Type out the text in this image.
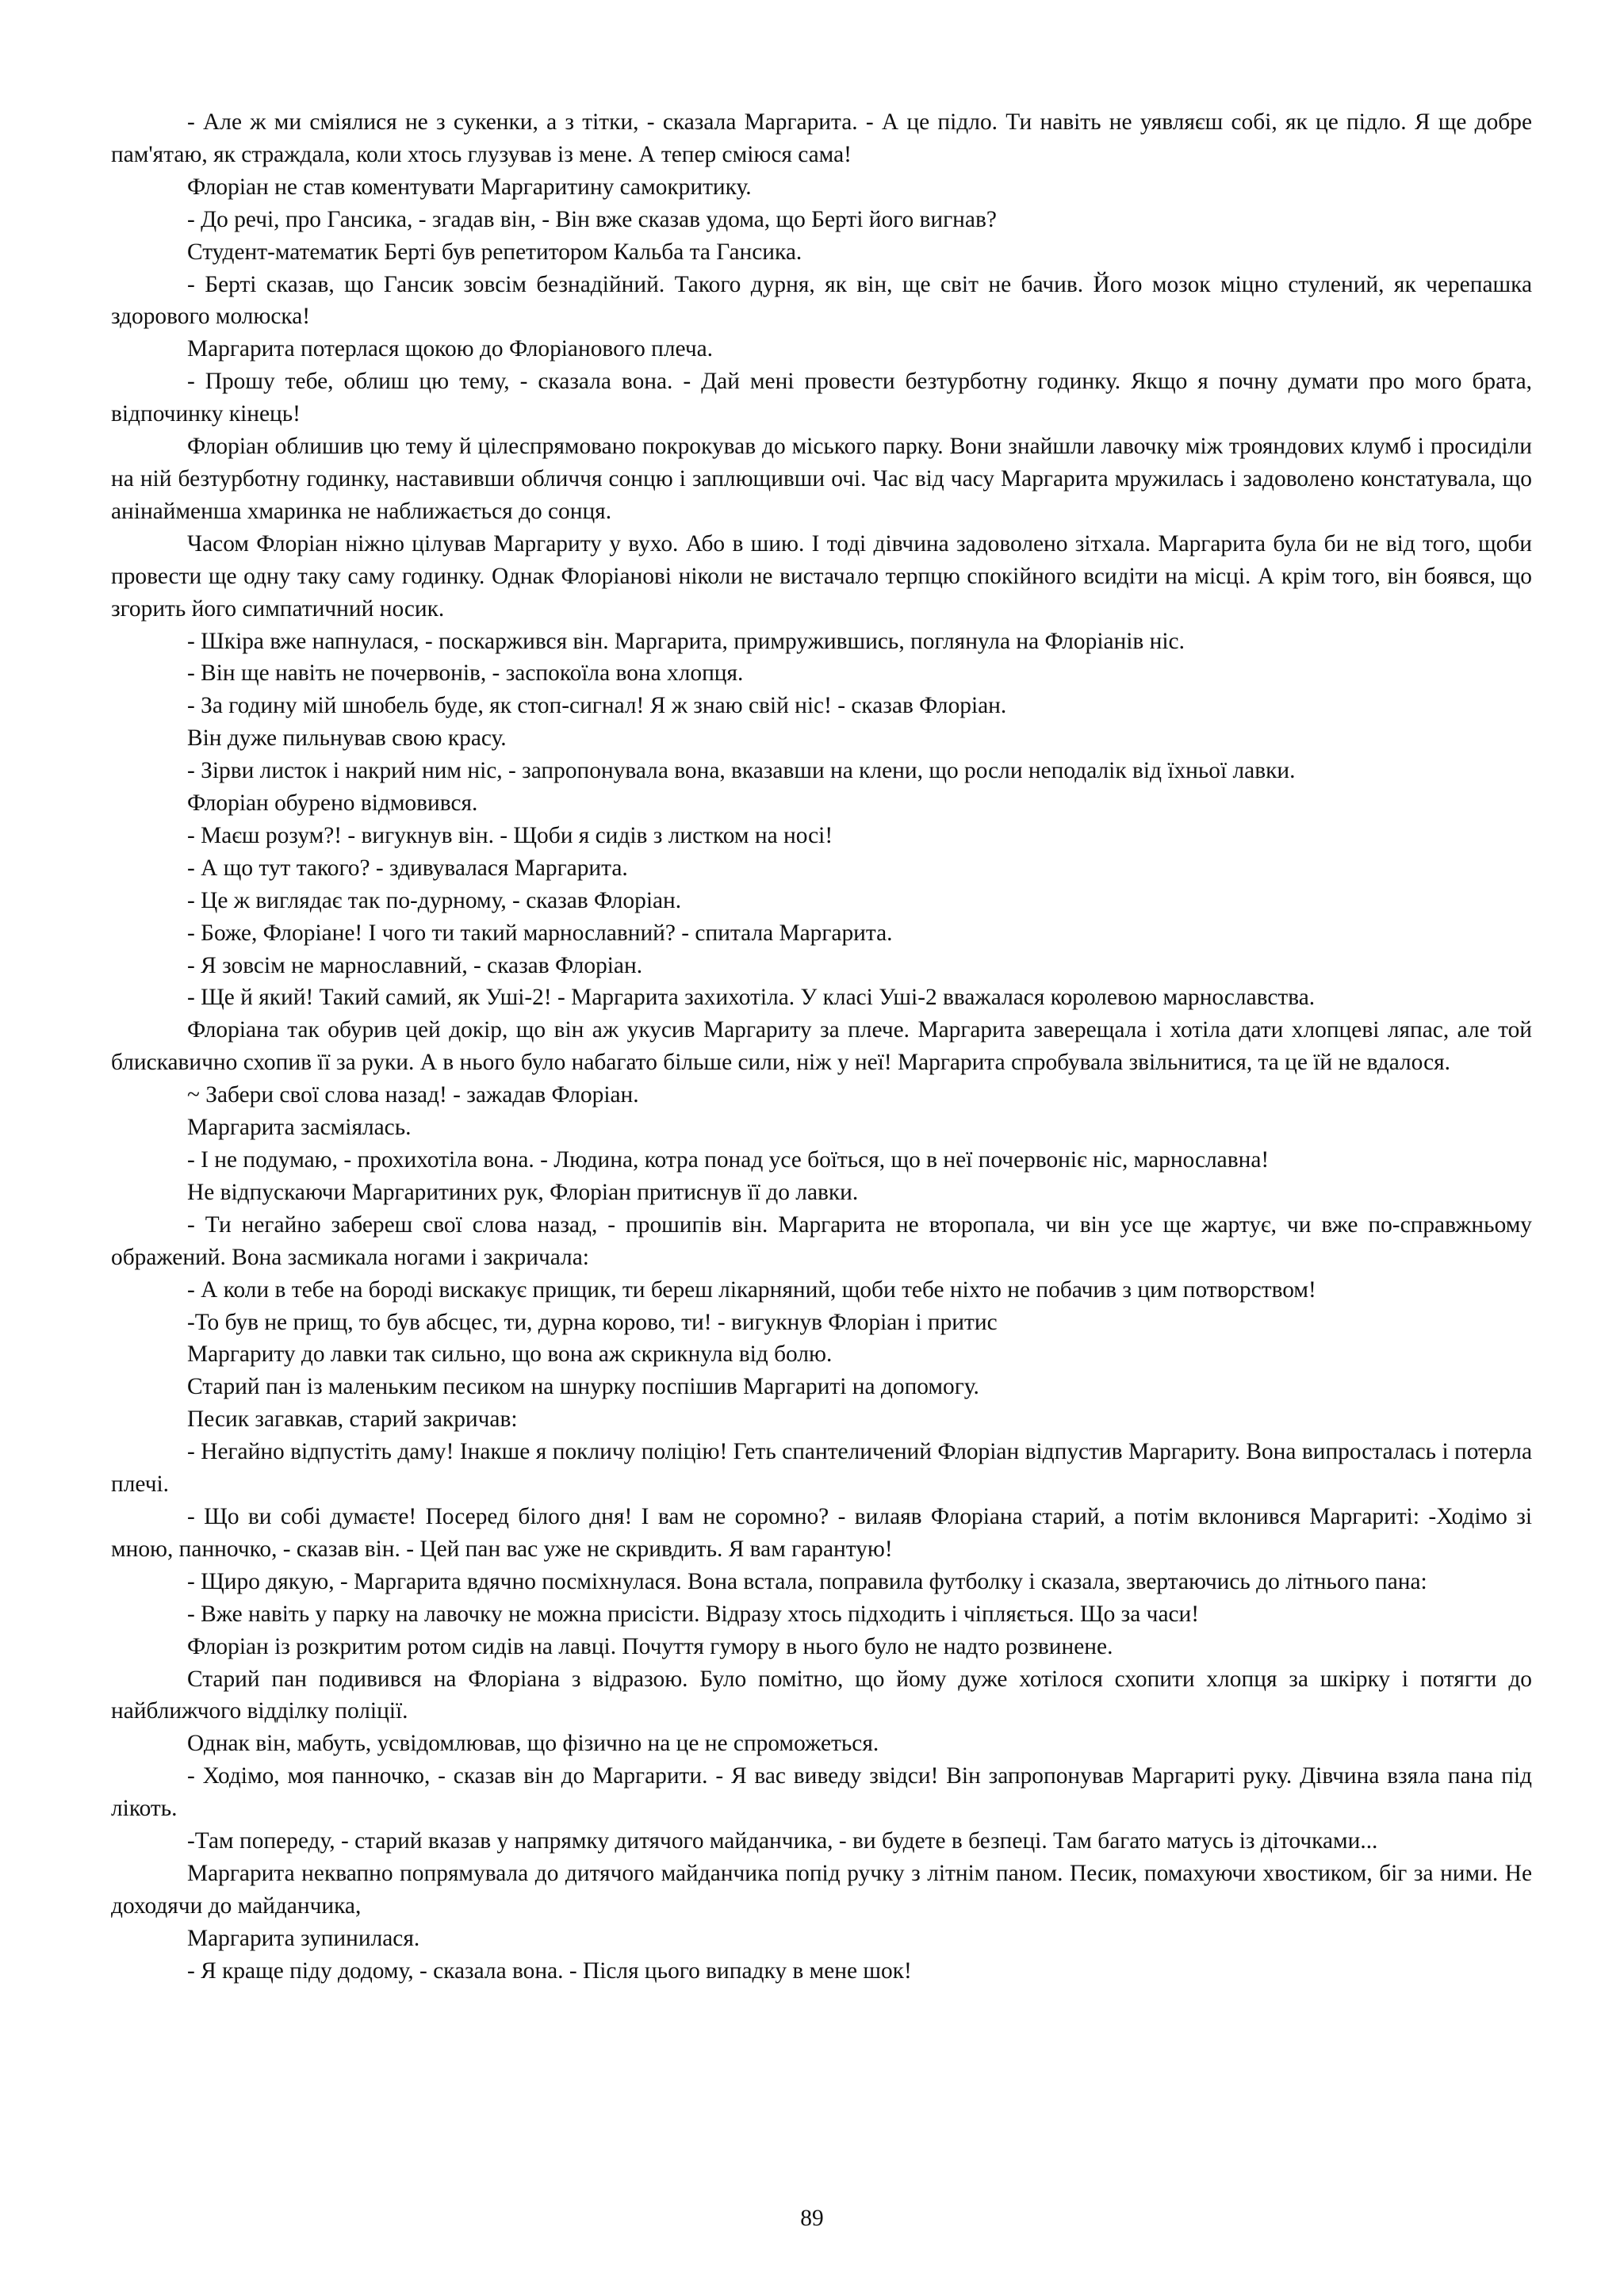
- Але ж ми сміялися не з сукенки, а з тітки, - сказала Маргарита. - А це підло. Ти навіть не уявляєш собі, як це підло. Я ще добре пам'ятаю, як страждала, коли хтось глузував із мене. А тепер сміюся сама!

Флоріан не став коментувати Маргаритину самокритику.

- До речі, про Гансика, - згадав він, - Він вже сказав удома, що Берті його вигнав?

Студент-математик Берті був репетитором Кальба та Гансика.

- Берті сказав, що Гансик зовсім безнадійний. Такого дурня, як він, ще світ не бачив. Його мозок міцно стулений, як черепашка здорового молюска!

Маргарита потерлася щокою до Флоріанового плеча.

- Прошу тебе, облиш цю тему, - сказала вона. - Дай мені провести безтурботну годинку. Якщо я почну думати про мого брата, відпочинку кінець!

Флоріан облишив цю тему й цілеспрямовано покрокував до міського парку. Вони знайшли лавочку між трояндових клумб і просиділи на ній безтурботну годинку, наставивши обличчя сонцю і заплющивши очі. Час від часу Маргарита мружилась і задоволено констатувала, що анінайменша хмаринка не наближається до сонця.

Часом Флоріан ніжно цілував Маргариту у вухо. Або в шию. І тоді дівчина задоволено зітхала. Маргарита була би не від того, щоби провести ще одну таку саму годинку. Однак Флоріанові ніколи не вистачало терпцю спокійного всидіти на місці. А крім того, він боявся, що згорить його симпатичний носик.

- Шкіра вже напнулася, - поскаржився він. Маргарита, примружившись, поглянула на Флоріанів ніс.

- Він ще навіть не почервонів, - заспокоїла вона хлопця.

- За годину мій шнобель буде, як стоп-сигнал! Я ж знаю свій ніс! - сказав Флоріан.

Він дуже пильнував свою красу.

- Зірви листок і накрий ним ніс, - запропонувала вона, вказавши на клени, що росли неподалік від їхньої лавки.

Флоріан обурено відмовився.

- Маєш розум?! - вигукнув він. - Щоби я сидів з листком на носі!

- А що тут такого? - здивувалася Маргарита.

- Це ж виглядає так по-дурному, - сказав Флоріан.

- Боже, Флоріане! І чого ти такий марнославний? - спитала Маргарита.

- Я зовсім не марнославний, - сказав Флоріан.

- Ще й який! Такий самий, як Уші-2! - Маргарита захихотіла. У класі Уші-2 вважалася королевою марнославства.

Флоріана так обурив цей докір, що він аж укусив Маргариту за плече. Маргарита заверещала і хотіла дати хлопцеві ляпас, але той блискавично схопив її за руки. А в нього було набагато більше сили, ніж у неї! Маргарита спробувала звільнитися, та це їй не вдалося.

~ Забери свої слова назад! - зажадав Флоріан.

Маргарита засміялась.

- І не подумаю, - прохихотіла вона. - Людина, котра понад усе боїться, що в неї почервоніє ніс, марнославна!

Не відпускаючи Маргаритиних рук, Флоріан притиснув її до лавки.

- Ти негайно забереш свої слова назад, - прошипів він. Маргарита не второпала, чи він усе ще жартує, чи вже по-справжньому ображений. Вона засмикала ногами і закричала:

- А коли в тебе на бороді вискакує прищик, ти береш лікарняний, щоби тебе ніхто не побачив з цим потворством!

-То був не прищ, то був абсцес, ти, дурна корово, ти! - вигукнув Флоріан і притис

Маргариту до лавки так сильно, що вона аж скрикнула від болю.

Старий пан із маленьким песиком на шнурку поспішив Маргариті на допомогу.

Песик загавкав, старий закричав:

- Негайно відпустіть даму! Інакше я покличу поліцію! Геть спантеличений Флоріан відпустив Маргариту. Вона випросталась і потерла плечі.

- Що ви собі думаєте! Посеред білого дня! І вам не соромно? - вилаяв Флоріана старий, а потім вклонився Маргариті: -Ходімо зі мною, панночко, - сказав він. - Цей пан вас уже не скривдить. Я вам гарантую!

- Щиро дякую, - Маргарита вдячно посміхнулася. Вона встала, поправила футболку і сказала, звертаючись до літнього пана:

- Вже навіть у парку на лавочку не можна присісти. Відразу хтось підходить і чіпляється. Що за часи!

Флоріан із розкритим ротом сидів на лавці. Почуття гумору в нього було не надто розвинене.

Старий пан подивився на Флоріана з відразою. Було помітно, що йому дуже хотілося схопити хлопця за шкірку і потягти до найближчого відділку поліції.

Однак він, мабуть, усвідомлював, що фізично на це не спроможеться.

- Ходімо, моя панночко, - сказав він до Маргарити. - Я вас виведу звідси! Він запропонував Маргариті руку. Дівчина взяла пана під лікоть.

-Там попереду, - старий вказав у напрямку дитячого майданчика, - ви будете в безпеці. Там багато матусь із діточками...

Маргарита неквапно попрямувала до дитячого майданчика попід ручку з літнім паном. Песик, помахуючи хвостиком, біг за ними. Не доходячи до майданчика,

Маргарита зупинилася.

- Я краще піду додому, - сказала вона. - Після цього випадку в мене шок!

89
